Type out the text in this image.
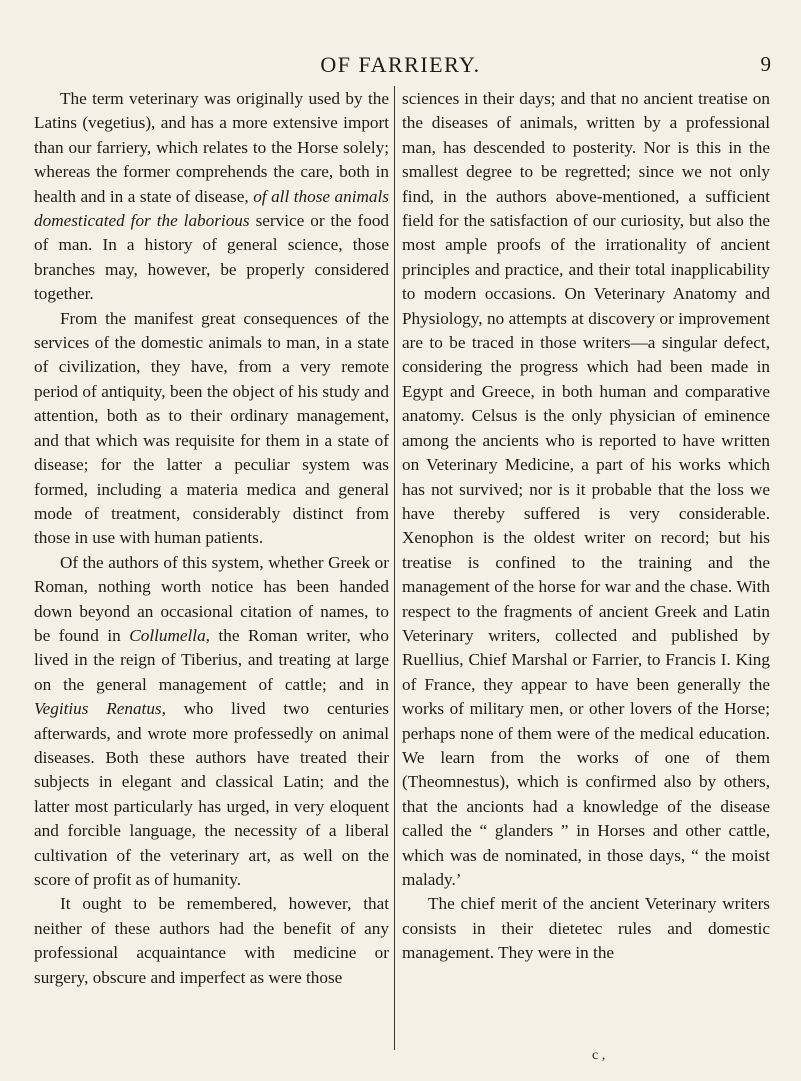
OF FARRIERY.	9

The term veterinary was originally used by the Latins (vegetius), and has a more extensive import than our farriery, which relates to the Horse solely; whereas the former comprehends the care, both in health and in a state of disease, of all those animals domesticated for the laborious service or the food of man. In a history of general science, those branches may, however, be properly considered together.

From the manifest great consequences of the services of the domestic animals to man, in a state of civilization, they have, from a very remote period of antiquity, been the object of his study and attention, both as to their ordinary management, and that which was requisite for them in a state of disease; for the latter a peculiar system was formed, including a materia medica and general mode of treatment, considerably distinct from those in use with human patients.

Of the authors of this system, whether Greek or Roman, nothing worth notice has been handed down beyond an occasional citation of names, to be found in Collumella, the Roman writer, who lived in the reign of Tiberius, and treating at large on the general management of cattle; and in Vegitius Renatus, who lived two centuries afterwards, and wrote more professedly on animal diseases. Both these authors have treated their subjects in elegant and classical Latin; and the latter most particularly has urged, in very eloquent and forcible language, the necessity of a liberal cultivation of the veterinary art, as well on the score of profit as of humanity.

It ought to be remembered, however, that neither of these authors had the benefit of any professional acquaintance with medicine or surgery, obscure and imperfect as were those

sciences in their days; and that no ancient treatise on the diseases of animals, written by a professional man, has descended to posterity. Nor is this in the smallest degree to be regretted; since we not only find, in the authors above-mentioned, a sufficient field for the satisfaction of our curiosity, but also the most ample proofs of the irrationality of ancient principles and practice, and their total inapplicability to modern occasions. On Veterinary Anatomy and Physiology, no attempts at discovery or improvement are to be traced in those writers—a singular defect, considering the progress which had been made in Egypt and Greece, in both human and comparative anatomy. Celsus is the only physician of eminence among the ancients who is reported to have written on Veterinary Medicine, a part of his works which has not survived; nor is it probable that the loss we have thereby suffered is very considerable. Xenophon is the oldest writer on record; but his treatise is confined to the training and the management of the horse for war and the chase. With respect to the fragments of ancient Greek and Latin Veterinary writers, collected and published by Ruellius, Chief Marshal or Farrier, to Francis I. King of France, they appear to have been generally the works of military men, or other lovers of the Horse; perhaps none of them were of the medical education. We learn from the works of one of them (Theomnestus), which is confirmed also by others, that the ancionts had a knowledge of the disease called the “ glanders ” in Horses and other cattle, which was de nominated, in those days, “ the moist malady.’

The chief merit of the ancient Veterinary writers consists in their dietetec rules and domestic management. They were in the

c ,
